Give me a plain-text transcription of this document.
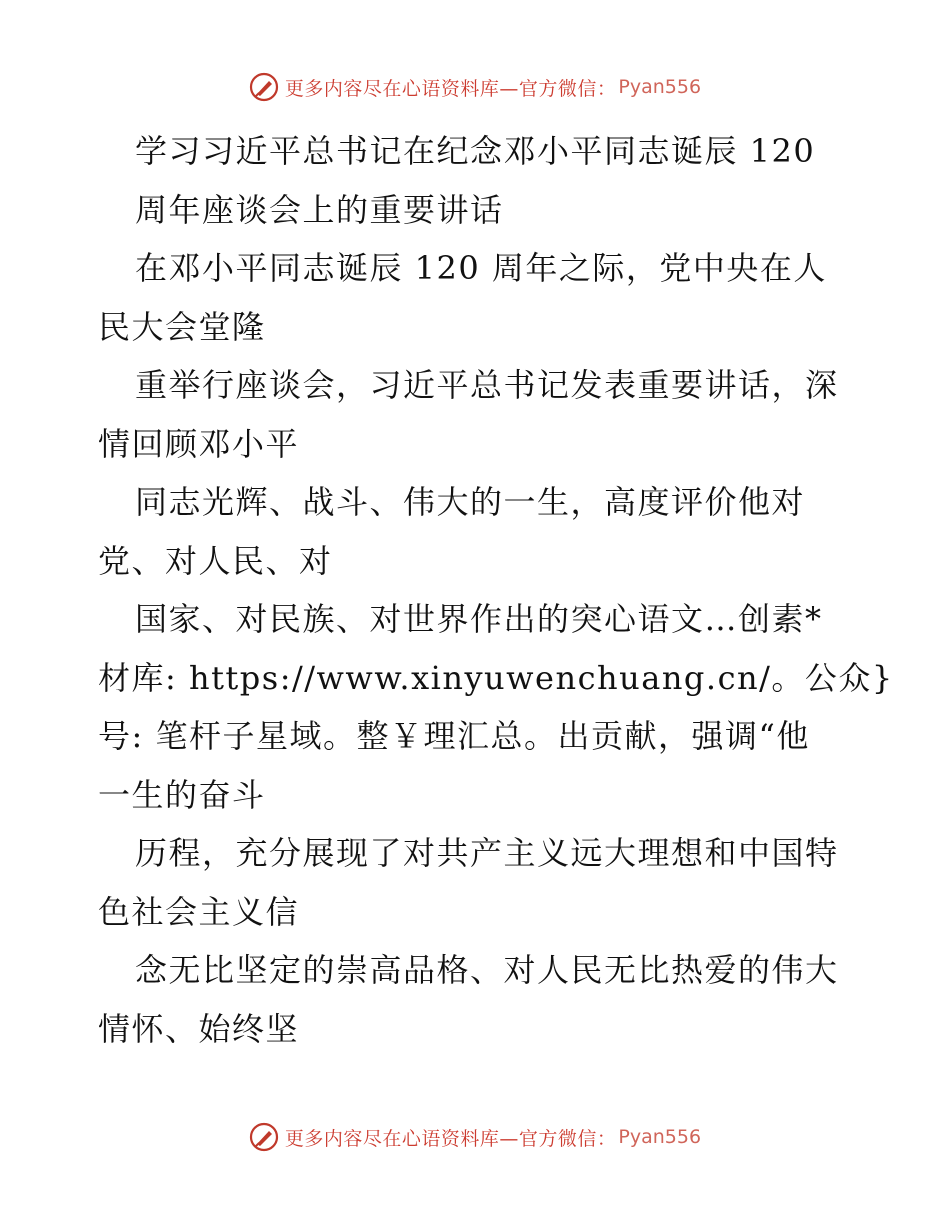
更多内容尽在心语资料库—官方微信： Pyan556
学习习近平总书记在纪念邓小平同志诞辰 120
周年座谈会上的重要讲话
在邓小平同志诞辰 120 周年之际，党中央在人
民大会堂隆
重举行座谈会，习近平总书记发表重要讲话，深
情回顾邓小平
同志光辉、战斗、伟大的一生，高度评价他对
党、对人民、对
国家、对民族、对世界作出的突心语文…创素*
材库: https://www.xinyuwenchuang.cn/。公众}
号: 笔杆子星域。整￥理汇总。出贡献，强调“他
一生的奋斗
历程，充分展现了对共产主义远大理想和中国特
色社会主义信
念无比坚定的崇高品格、对人民无比热爱的伟大
情怀、始终坚
更多内容尽在心语资料库—官方微信： Pyan556
